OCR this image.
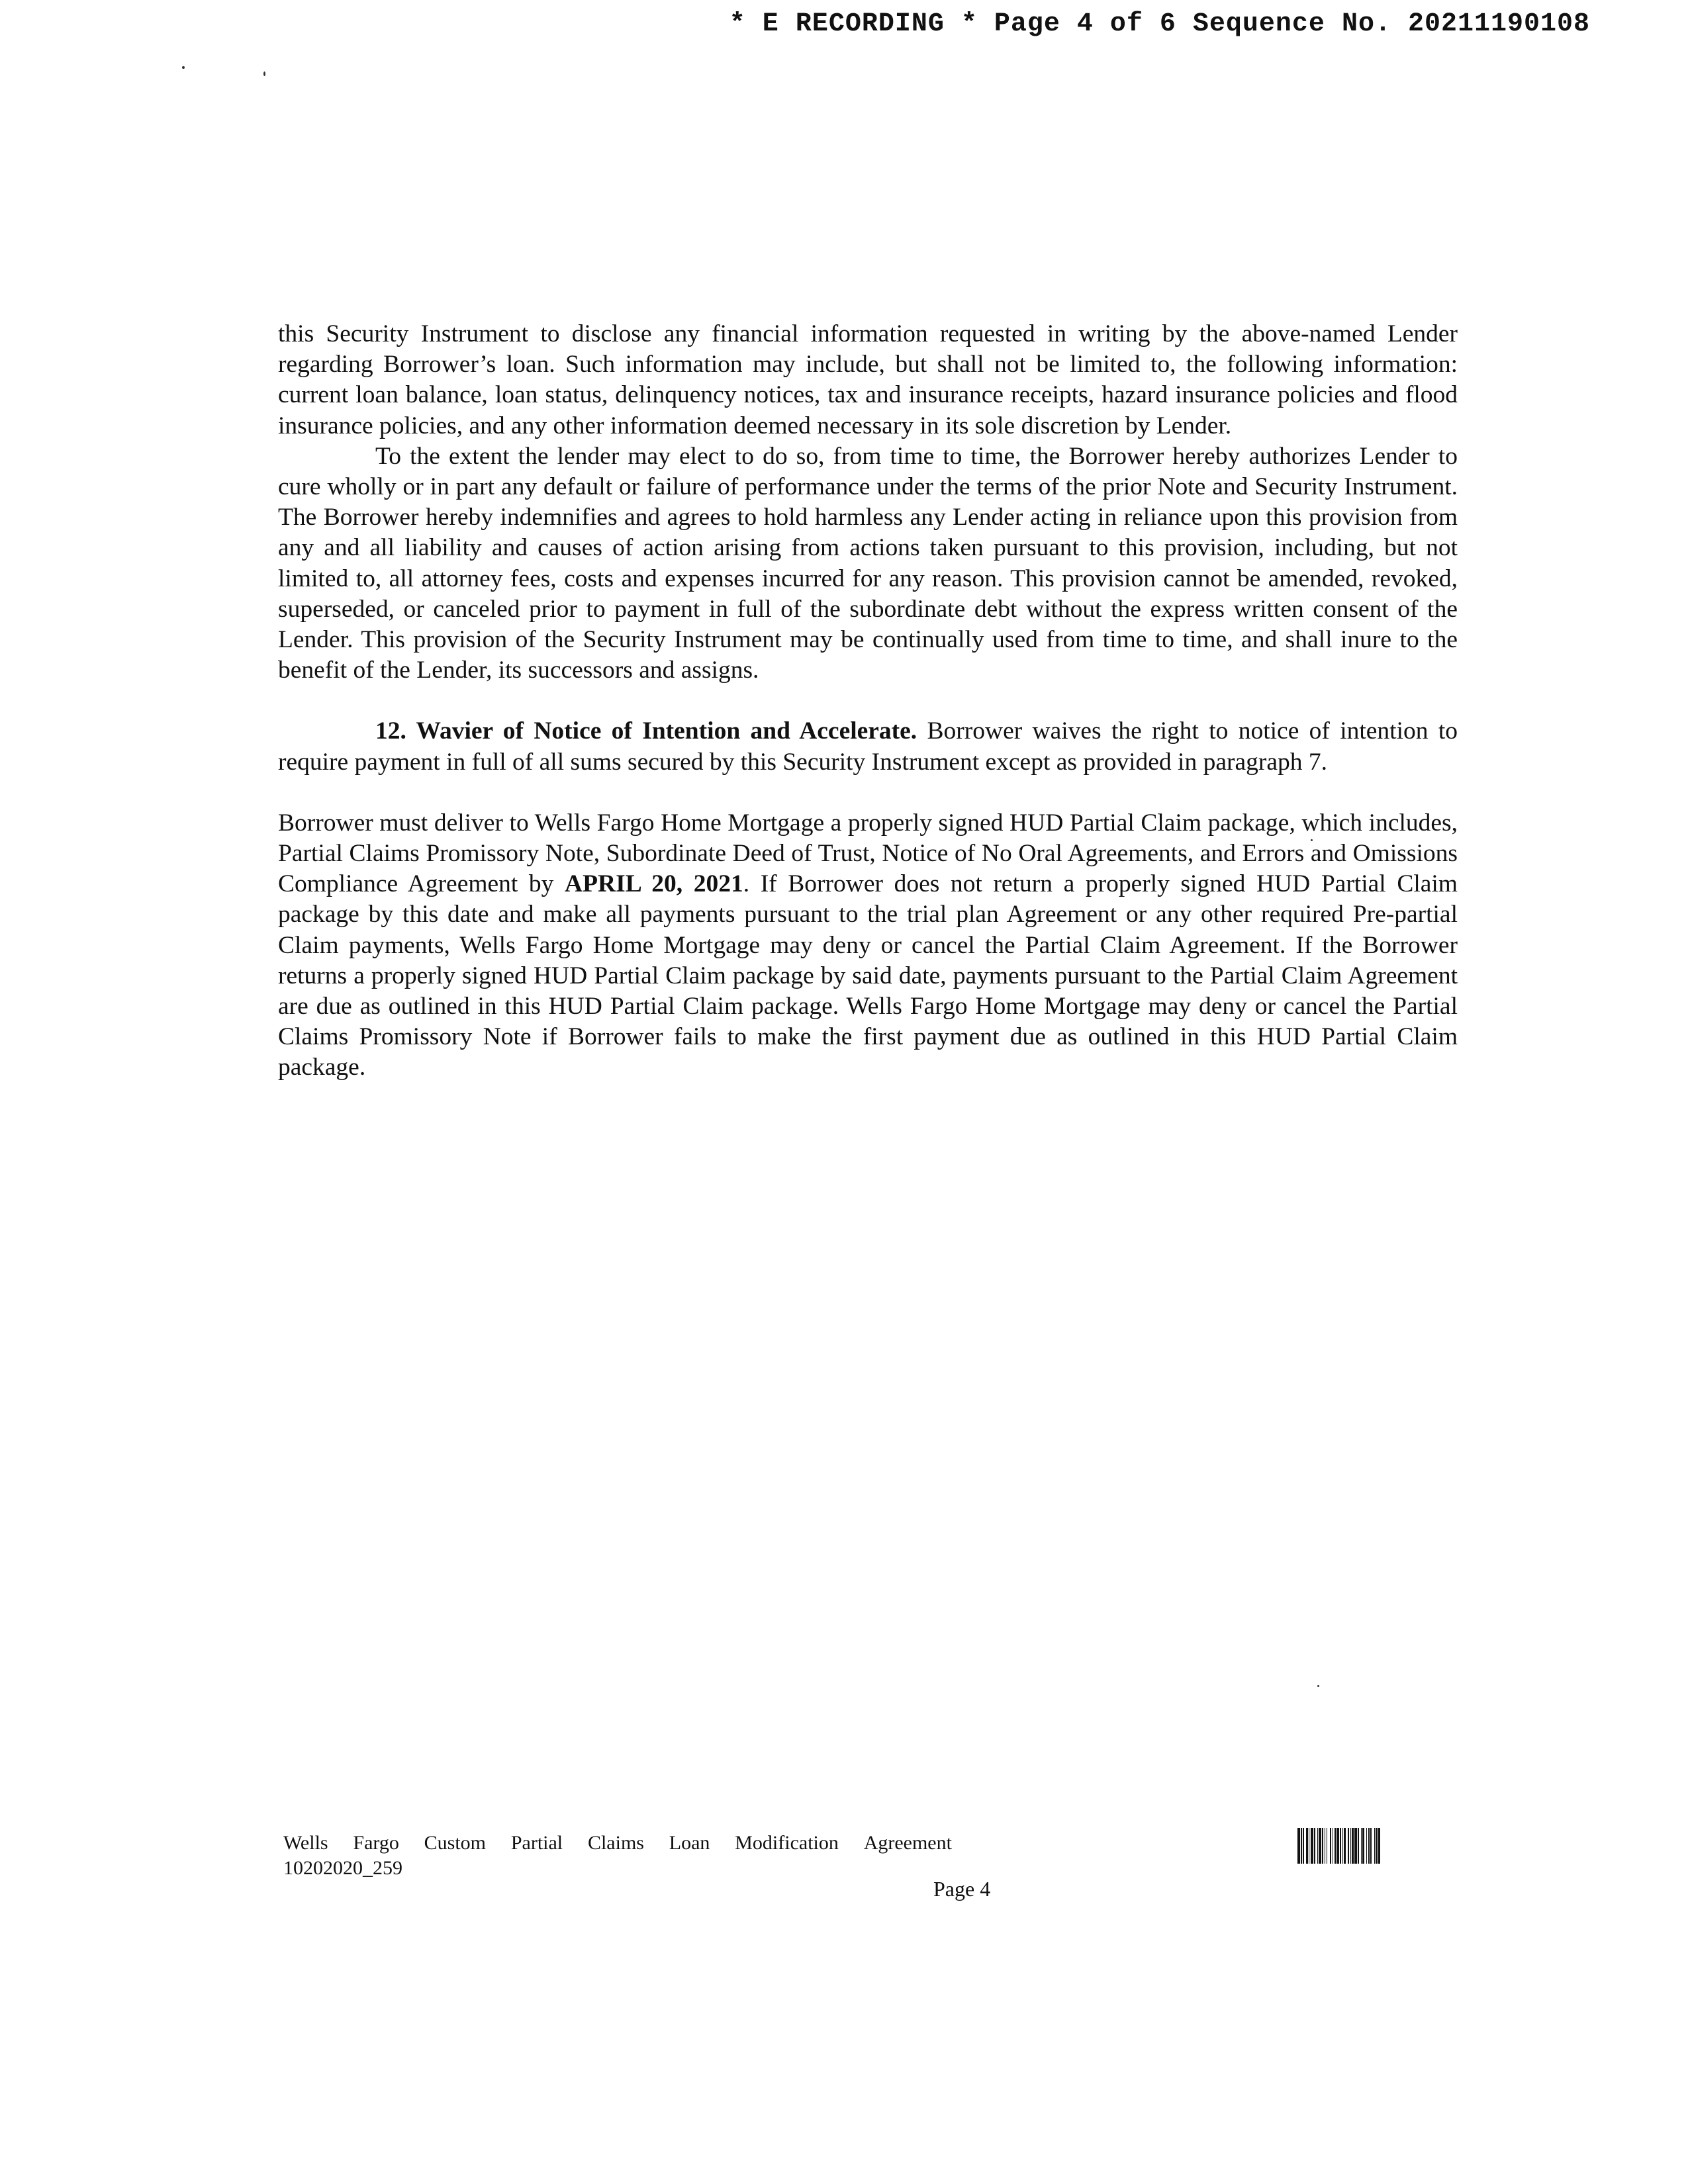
* E RECORDING * Page 4 of 6 Sequence No. 20211190108

this Security Instrument to disclose any financial information requested in writing by the above-named Lender regarding Borrower’s loan. Such information may include, but shall not be limited to, the following information: current loan balance, loan status, delinquency notices, tax and insurance receipts, hazard insurance policies and flood insurance policies, and any other information deemed necessary in its sole discretion by Lender.

To the extent the lender may elect to do so, from time to time, the Borrower hereby authorizes Lender to cure wholly or in part any default or failure of performance under the terms of the prior Note and Security Instrument. The Borrower hereby indemnifies and agrees to hold harmless any Lender acting in reliance upon this provision from any and all liability and causes of action arising from actions taken pursuant to this provision, including, but not limited to, all attorney fees, costs and expenses incurred for any reason. This provision cannot be amended, revoked, superseded, or canceled prior to payment in full of the subordinate debt without the express written consent of the Lender. This provision of the Security Instrument may be continually used from time to time, and shall inure to the benefit of the Lender, its successors and assigns.

12. Wavier of Notice of Intention and Accelerate. Borrower waives the right to notice of intention to require payment in full of all sums secured by this Security Instrument except as provided in paragraph 7.

Borrower must deliver to Wells Fargo Home Mortgage a properly signed HUD Partial Claim package, which includes, Partial Claims Promissory Note, Subordinate Deed of Trust, Notice of No Oral Agreements, and Errors and Omissions Compliance Agreement by APRIL 20, 2021. If Borrower does not return a properly signed HUD Partial Claim package by this date and make all payments pursuant to the trial plan Agreement or any other required Pre-partial Claim payments, Wells Fargo Home Mortgage may deny or cancel the Partial Claim Agreement. If the Borrower returns a properly signed HUD Partial Claim package by said date, payments pursuant to the Partial Claim Agreement are due as outlined in this HUD Partial Claim package. Wells Fargo Home Mortgage may deny or cancel the Partial Claims Promissory Note if Borrower fails to make the first payment due as outlined in this HUD Partial Claim package.

Wells Fargo Custom Partial Claims Loan Modification Agreement
10202020_259
Page 4
